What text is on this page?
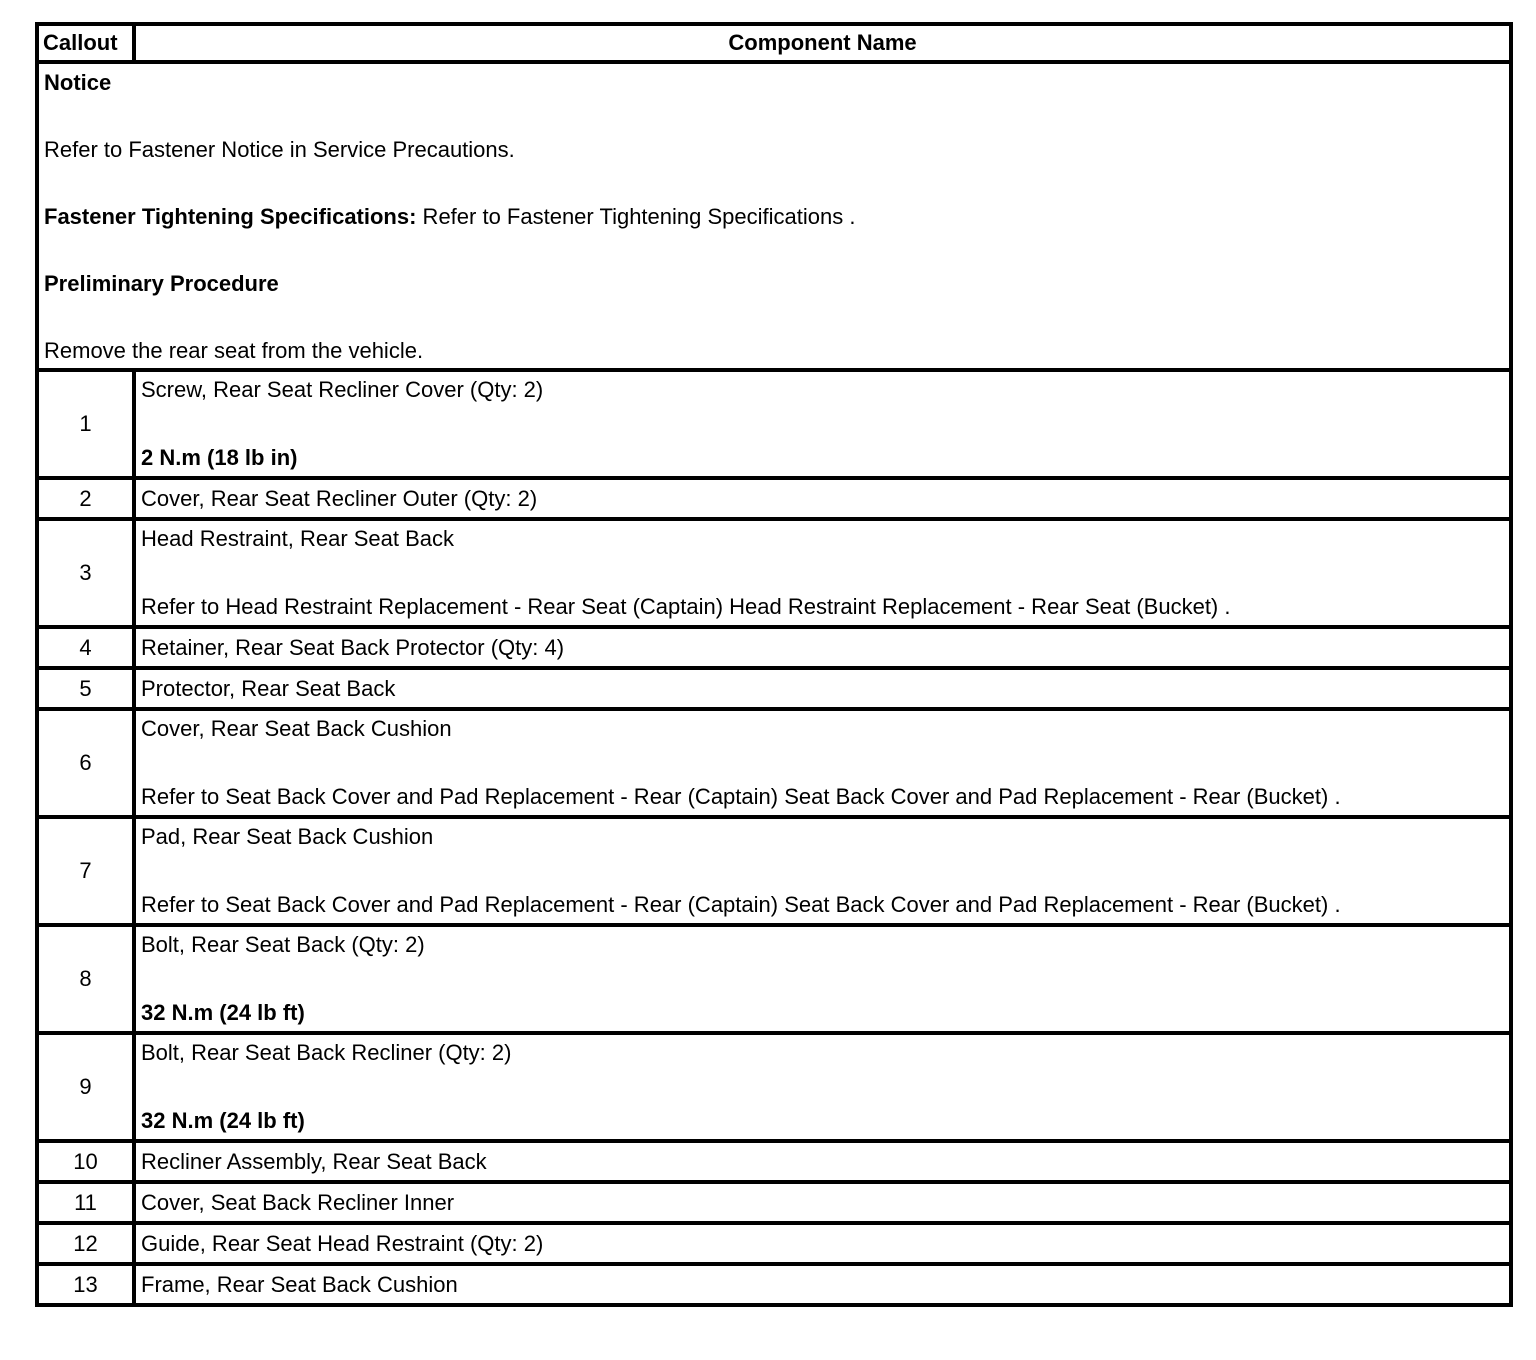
Callout	Component Name

Notice

Refer to Fastener Notice in Service Precautions.

Fastener Tightening Specifications: Refer to Fastener Tightening Specifications .

Preliminary Procedure

Remove the rear seat from the vehicle.	

1	Screw, Rear Seat Recliner Cover (Qty: 2)
2 N.m (18 lb in)

2	Cover, Rear Seat Recliner Outer (Qty: 2)
3	Head Restraint, Rear Seat Back
Refer to Head Restraint Replacement - Rear Seat (Captain) Head Restraint Replacement - Rear Seat (Bucket) .

4	Retainer, Rear Seat Back Protector (Qty: 4)
5	Protector, Rear Seat Back
6	Cover, Rear Seat Back Cushion
Refer to Seat Back Cover and Pad Replacement - Rear (Captain) Seat Back Cover and Pad Replacement - Rear (Bucket) .

7	Pad, Rear Seat Back Cushion
Refer to Seat Back Cover and Pad Replacement - Rear (Captain) Seat Back Cover and Pad Replacement - Rear (Bucket) .

8	Bolt, Rear Seat Back (Qty: 2)
32 N.m (24 lb ft)

9	Bolt, Rear Seat Back Recliner (Qty: 2)
32 N.m (24 lb ft)

10	Recliner Assembly, Rear Seat Back
11	Cover, Seat Back Recliner Inner
12	Guide, Rear Seat Head Restraint (Qty: 2)
13	Frame, Rear Seat Back Cushion
